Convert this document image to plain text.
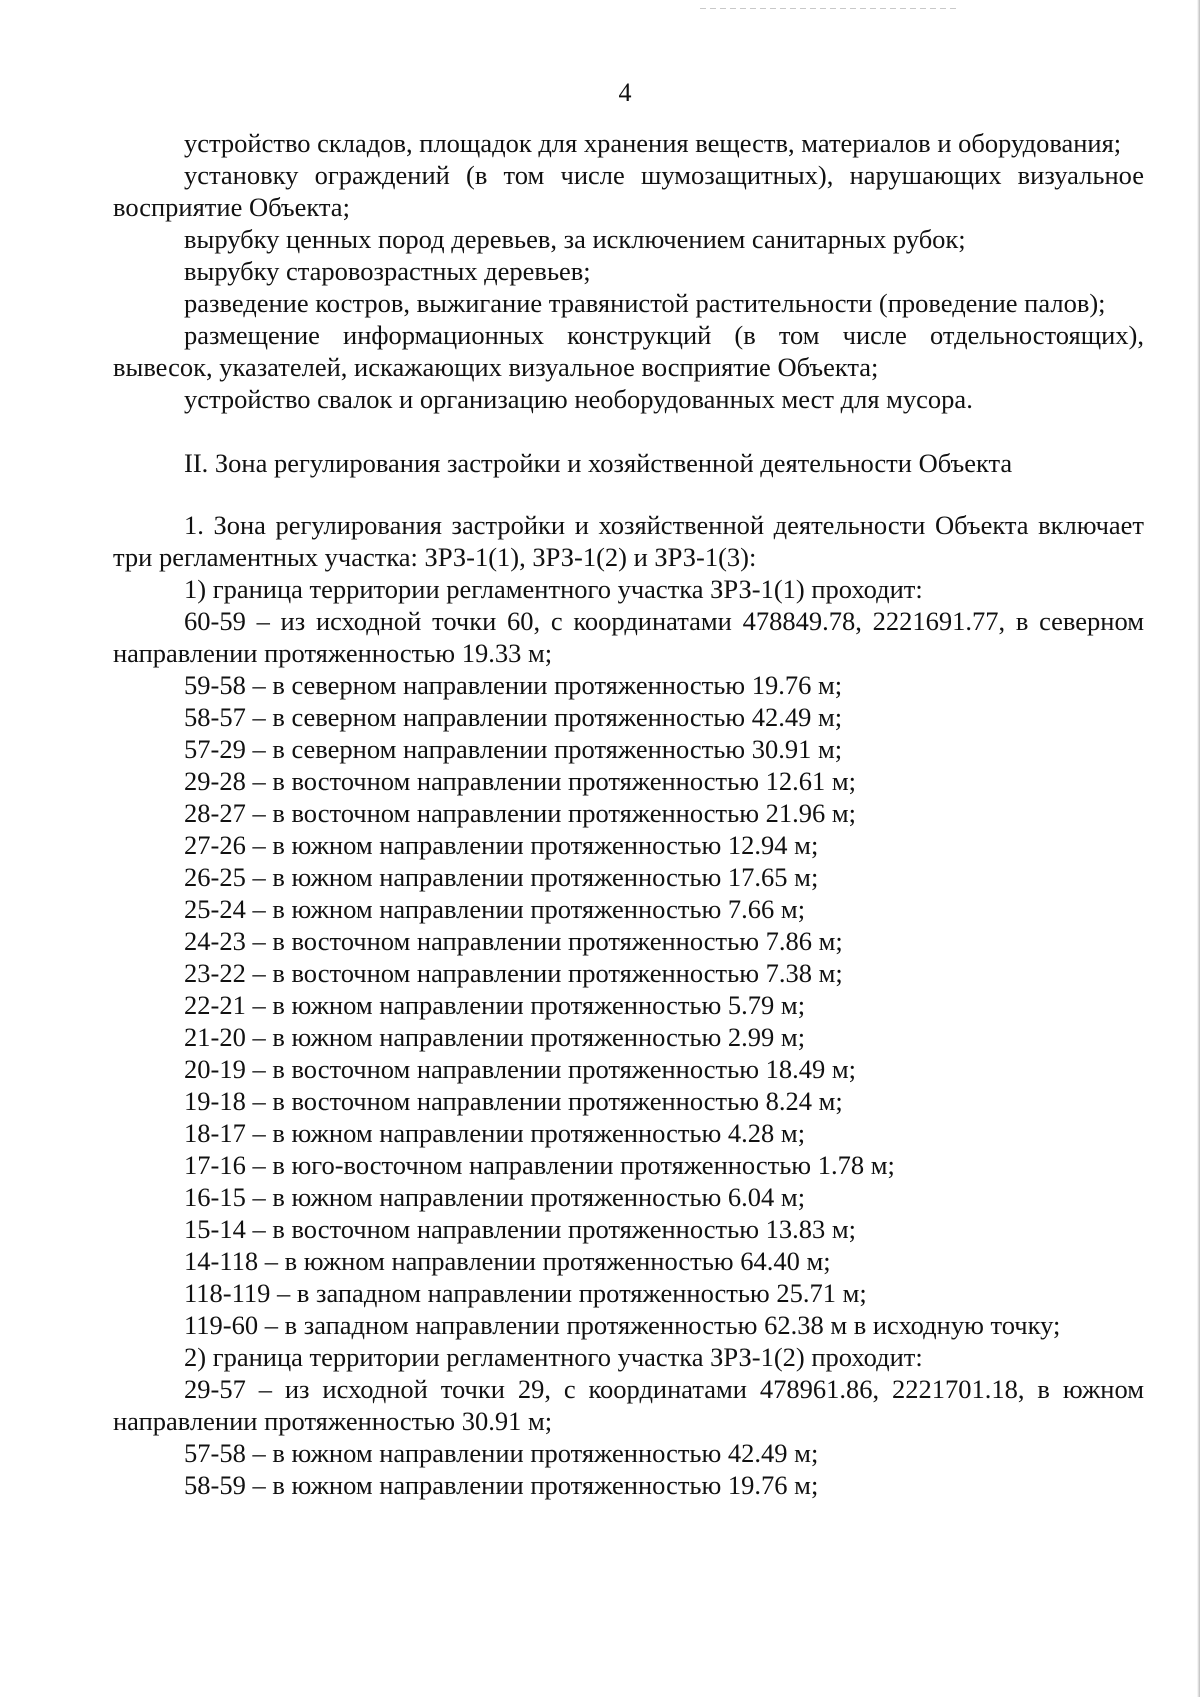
4

устройство складов, площадок для хранения веществ, материалов и оборудования;

установку ограждений (в том числе шумозащитных), нарушающих визуальное восприятие Объекта;

вырубку ценных пород деревьев, за исключением санитарных рубок;

вырубку старовозрастных деревьев;

разведение костров, выжигание травянистой растительности (проведение палов);

размещение информационных конструкций (в том числе отдельностоящих), вывесок, указателей, искажающих визуальное восприятие Объекта;

устройство свалок и организацию необорудованных мест для мусора.

II. Зона регулирования застройки и хозяйственной деятельности Объекта

1. Зона регулирования застройки и хозяйственной деятельности Объекта включает три регламентных участка: ЗРЗ-1(1), ЗРЗ-1(2) и ЗРЗ-1(3):

1) граница территории регламентного участка ЗРЗ-1(1) проходит:

60-59 – из исходной точки 60, с координатами 478849.78, 2221691.77, в северном направлении протяженностью 19.33 м;

59-58 – в северном направлении протяженностью 19.76 м;

58-57 – в северном направлении протяженностью 42.49 м;

57-29 – в северном направлении протяженностью 30.91 м;

29-28 – в восточном направлении протяженностью 12.61 м;

28-27 – в восточном направлении протяженностью 21.96 м;

27-26 – в южном направлении протяженностью 12.94 м;

26-25 – в южном направлении протяженностью 17.65 м;

25-24 – в южном направлении протяженностью 7.66 м;

24-23 – в восточном направлении протяженностью 7.86 м;

23-22 – в восточном направлении протяженностью 7.38 м;

22-21 – в южном направлении протяженностью 5.79 м;

21-20 – в южном направлении протяженностью 2.99 м;

20-19 – в восточном направлении протяженностью 18.49 м;

19-18 – в восточном направлении протяженностью 8.24 м;

18-17 – в южном направлении протяженностью 4.28 м;

17-16 – в юго-восточном направлении протяженностью 1.78 м;

16-15 – в южном направлении протяженностью 6.04 м;

15-14 – в восточном направлении протяженностью 13.83 м;

14-118 – в южном направлении протяженностью 64.40 м;

118-119 – в западном направлении протяженностью 25.71 м;

119-60 – в западном направлении протяженностью 62.38 м в исходную точку;

2) граница территории регламентного участка ЗРЗ-1(2) проходит:

29-57 – из исходной точки 29, с координатами 478961.86, 2221701.18, в южном направлении протяженностью 30.91 м;

57-58 – в южном направлении протяженностью 42.49 м;

58-59 – в южном направлении протяженностью 19.76 м;
